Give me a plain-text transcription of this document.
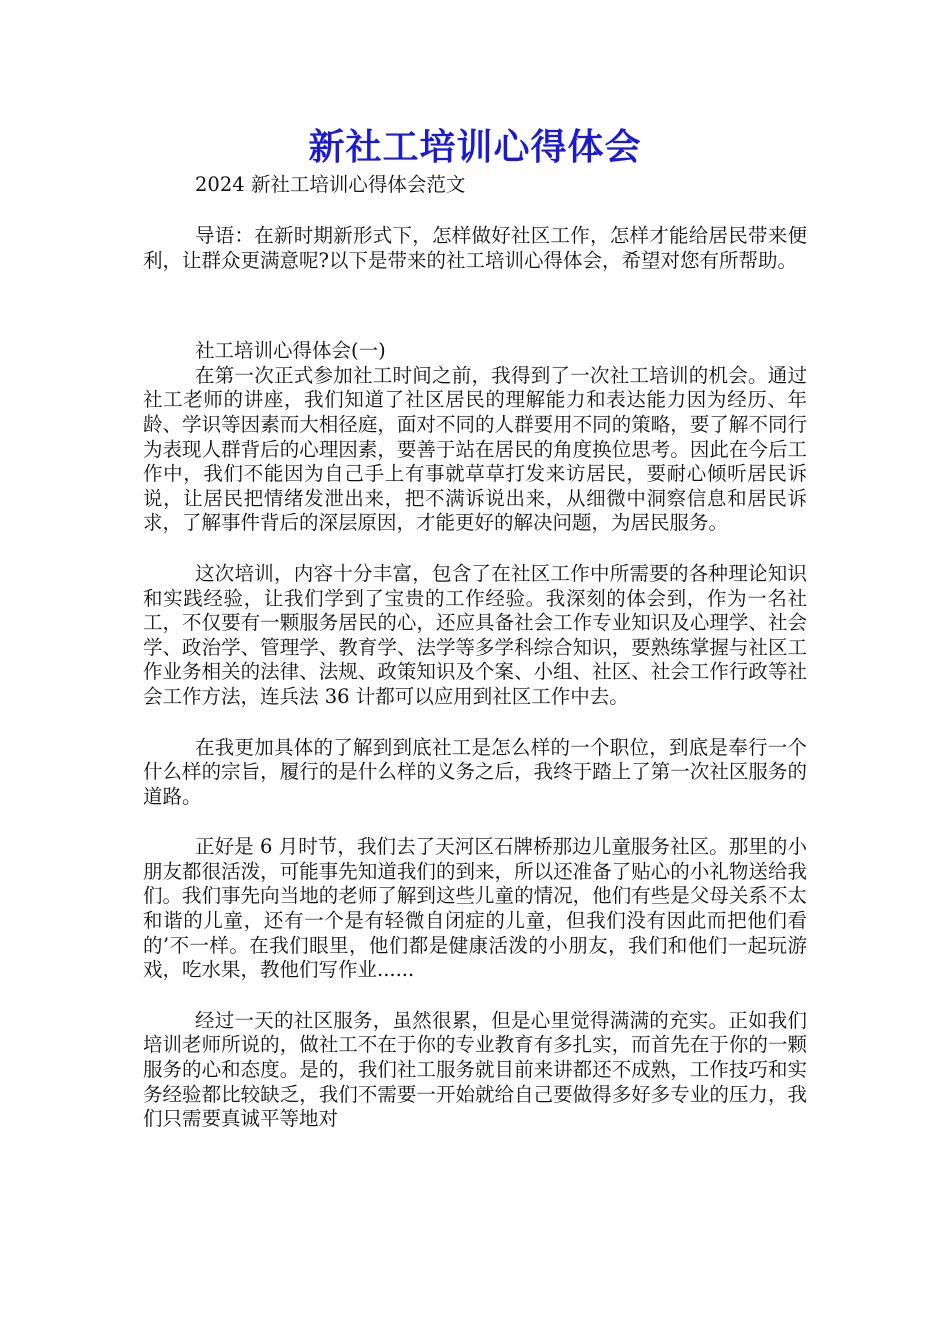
新社工培训心得体会
2024 新社工培训心得体会范文

导语：在新时期新形式下，怎样做好社区工作，怎样才能给居民带来便利，让群众更满意呢?以下是带来的社工培训心得体会，希望对您有所帮助。

社工培训心得体会(一)

在第一次正式参加社工时间之前，我得到了一次社工培训的机会。通过社工老师的讲座，我们知道了社区居民的理解能力和表达能力因为经历、年龄、学识等因素而大相径庭，面对不同的人群要用不同的策略，要了解不同行为表现人群背后的心理因素，要善于站在居民的角度换位思考。因此在今后工作中，我们不能因为自己手上有事就草草打发来访居民，要耐心倾听居民诉说，让居民把情绪发泄出来，把不满诉说出来，从细微中洞察信息和居民诉求，了解事件背后的深层原因，才能更好的解决问题，为居民服务。

这次培训，内容十分丰富，包含了在社区工作中所需要的各种理论知识和实践经验，让我们学到了宝贵的工作经验。我深刻的体会到，作为一名社工，不仅要有一颗服务居民的心，还应具备社会工作专业知识及心理学、社会学、政治学、管理学、教育学、法学等多学科综合知识，要熟练掌握与社区工作业务相关的法律、法规、政策知识及个案、小组、社区、社会工作行政等社会工作方法，连兵法 36 计都可以应用到社区工作中去。

在我更加具体的了解到到底社工是怎么样的一个职位，到底是奉行一个什么样的宗旨，履行的是什么样的义务之后，我终于踏上了第一次社区服务的道路。

正好是 6 月时节，我们去了天河区石牌桥那边儿童服务社区。那里的小朋友都很活泼，可能事先知道我们的到来，所以还准备了贴心的小礼物送给我们。我们事先向当地的老师了解到这些儿童的情况，他们有些是父母关系不太和谐的儿童，还有一个是有轻微自闭症的儿童，但我们没有因此而把他们看的’不一样。在我们眼里，他们都是健康活泼的小朋友，我们和他们一起玩游戏，吃水果，教他们写作业......

经过一天的社区服务，虽然很累，但是心里觉得满满的充实。正如我们培训老师所说的，做社工不在于你的专业教育有多扎实，而首先在于你的一颗服务的心和态度。是的，我们社工服务就目前来讲都还不成熟，工作技巧和实务经验都比较缺乏，我们不需要一开始就给自己要做得多好多专业的压力，我们只需要真诚平等地对
